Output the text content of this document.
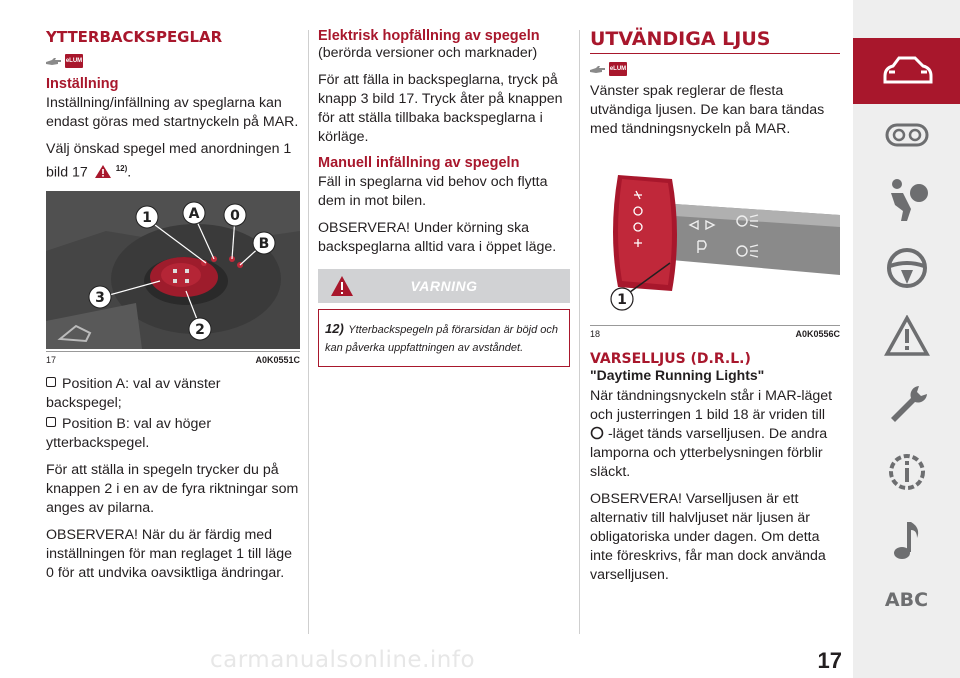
YTTERBACKSPEGLAR
eLUM
Inställning

Inställning/infällning av speglarna kan endast göras med startnyckeln på MAR.

Välj önskad spegel med anordningen 1 bild 17	$^{12)}$.

1	A 0
B
3
2
17	A0K0551C

Position A: val av vänster backspegel;

Position B: val av höger ytterbackspegel.

För att ställa in spegeln trycker du på knappen 2 i en av de fyra riktningar som anges av pilarna.

OBSERVERA! När du är färdig med inställningen för man reglaget 1 till läge 0 för att undvika oavsiktliga ändringar.

Elektrisk hopfällning av spegeln

(berörda versioner och marknader)

För att fälla in backspeglarna, tryck på knapp 3 bild 17. Tryck åter på knappen för att ställa tillbaka backspeglarna i körläge.

Manuell infällning av spegeln

Fäll in speglarna vid behov och flytta dem in mot bilen.

OBSERVERA! Under körning ska backspeglarna alltid vara i öppet läge.

VARNING
12) Ytterbackspegeln på förarsidan är böjd och kan påverka uppfattningen av avståndet.
UTVÄNDIGA LJUS
eLUM

Vänster spak reglerar de flesta utvändiga ljusen. De kan bara tändas med tändningsnyckeln på MAR.

1
18	A0K0556C
VARSELLJUS (D.R.L.)
"Daytime Running Lights"

När tändningsnyckeln står i MAR-läget och justerringen 1 bild 18 är vriden till
-läget tänds varselljusen. De andra lamporna och ytterbelysningen förblir släckt.

OBSERVERA! Varselljusen är ett alternativ till halvljuset när ljusen är obligatoriska under dagen. Om detta inte föreskrivs, får man dock använda varselljusen.

ABC
carmanualsonline.info	17
